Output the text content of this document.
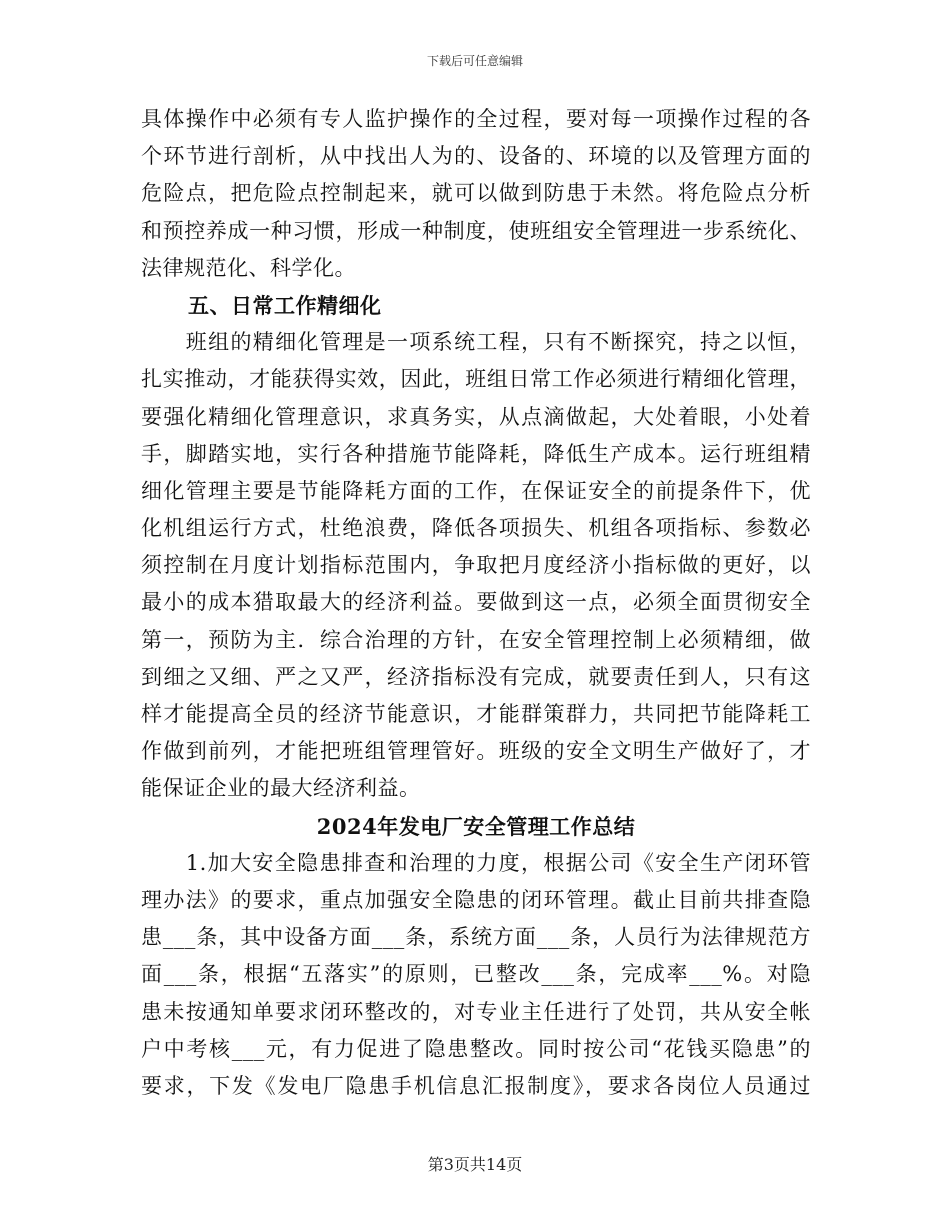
下载后可任意编辑
具体操作中必须有专人监护操作的全过程，要对每一项操作过程的各
个环节进行剖析，从中找出人为的、设备的、环境的以及管理方面的
危险点，把危险点控制起来，就可以做到防患于未然。将危险点分析
和预控养成一种习惯，形成一种制度，使班组安全管理进一步系统化、
法律规范化、科学化。
五、日常工作精细化
　　班组的精细化管理是一项系统工程，只有不断探究，持之以恒，
扎实推动，才能获得实效，因此，班组日常工作必须进行精细化管理，
要强化精细化管理意识，求真务实，从点滴做起，大处着眼，小处着
手，脚踏实地，实行各种措施节能降耗，降低生产成本。运行班组精
细化管理主要是节能降耗方面的工作，在保证安全的前提条件下，优
化机组运行方式，杜绝浪费，降低各项损失、机组各项指标、参数必
须控制在月度计划指标范围内，争取把月度经济小指标做的更好，以
最小的成本猎取最大的经济利益。要做到这一点，必须全面贯彻安全
第一，预防为主．综合治理的方针，在安全管理控制上必须精细，做
到细之又细、严之又严，经济指标没有完成，就要责任到人，只有这
样才能提高全员的经济节能意识，才能群策群力，共同把节能降耗工
作做到前列，才能把班组管理管好。班级的安全文明生产做好了，才
能保证企业的最大经济利益。
2024年发电厂安全管理工作总结
　　1.加大安全隐患排查和治理的力度，根据公司《安全生产闭环管
理办法》的要求，重点加强安全隐患的闭环管理。截止目前共排查隐
患___条，其中设备方面___条，系统方面___条，人员行为法律规范方
面___条，根据“五落实”的原则，已整改___条，完成率___%。对隐
患未按通知单要求闭环整改的，对专业主任进行了处罚，共从安全帐
户中考核___元，有力促进了隐患整改。同时按公司“花钱买隐患”的
要求，下发《发电厂隐患手机信息汇报制度》，要求各岗位人员通过
第3页共14页
